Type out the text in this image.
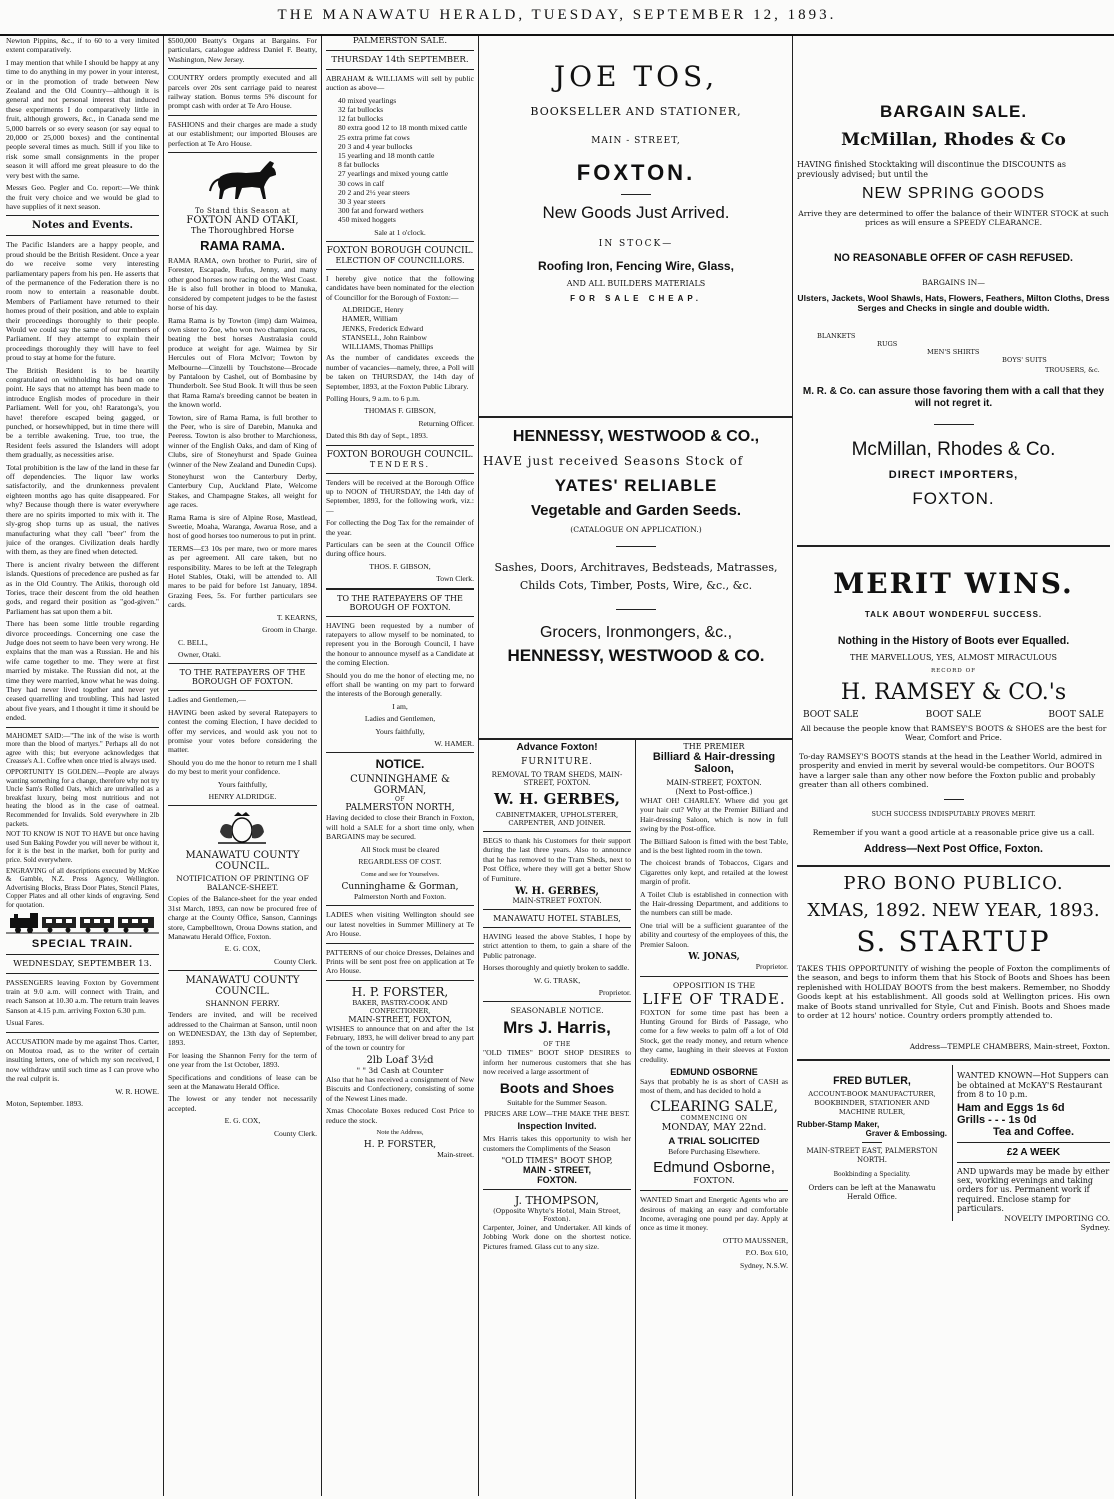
THE MANAWATU HERALD, TUESDAY, SEPTEMBER 12, 1893.

Newton Pippins, &c., if to 60 to a very limited extent comparatively.

I may mention that while I should be happy at any time to do anything in my power in your interest, or in the promotion of trade between New Zealand and the Old Country—although it is general and not personal interest that induced these experiments I do comparatively little in fruit, although growers, &c., in Canada send me 5,000 barrels or so every season (or say equal to 20,000 or 25,000 boxes) and the continental people several times as much. Still if you like to risk some small consignments in the proper season it will afford me great pleasure to do the very best with the same.

Messrs Geo. Pegler and Co. report:—We think the fruit very choice and we would be glad to have supplies of it next season.

Notes and Events.

The Pacific Islanders are a happy people, and proud should be the British Resident. Once a year do we receive some very interesting parliamentary papers from his pen. He asserts that of the permanence of the Federation there is no room now to entertain a reasonable doubt. Members of Parliament have returned to their homes proud of their position, and able to explain their proceedings thoroughly to their people. Would we could say the same of our members of Parliament. If they attempt to explain their proceedings thoroughly they will have to feel proud to stay at home for the future.

The British Resident is to be heartily congratulated on withholding his hand on one point. He says that no attempt has been made to introduce English modes of procedure in their Parliament. Well for you, oh! Raratonga's, you have! therefore escaped being gagged, or punched, or horsewhipped, but in time there will be a terrible awakening. True, too true, the Resident feels assured the Islanders will adopt them gradually, as necessities arise.

Total prohibition is the law of the land in these far off dependencies. The liquor law works satisfactorily, and the drunkenness prevalent eighteen months ago has quite disappeared. For why? Because though there is water everywhere there are no spirits imported to mix with it. The sly-grog shop turns up as usual, the natives manufacturing what they call "beer" from the juice of the oranges. Civilization deals hardly with them, as they are fined when detected.

There is ancient rivalry between the different islands. Questions of precedence are pushed as far as in the Old Country. The Atikis, thorough old Tories, trace their descent from the old heathen gods, and regard their position as "god-given." Parliament has sat upon them a bit.

There has been some little trouble regarding divorce proceedings. Concerning one case the Judge does not seem to have been very wrong. He explains that the man was a Russian. He and his wife came together to me. They were at first married by mistake. The Russian did not, at the time they were married, know what he was doing. They had never lived together and never yet ceased quarrelling and troubling. This had lasted about five years, and I thought it time it should be ended.

MAHOMET SAID:—"The ink of the wise is worth more than the blood of martyrs." Perhaps all do not agree with this; but everyone acknowledges that Creasse's A.1. Coffee when once tried is always used.

OPPORTUNITY IS GOLDEN.—People are always wanting something for a change, therefore why not try Uncle Sam's Rolled Oats, which are unrivalled as a breakfast luxury, being most nutritious and not heating the blood as in the case of oatmeal. Recommended for Invalids. Sold everywhere in 2lb packets.

NOT TO KNOW IS NOT TO HAVE but once having used Sun Baking Powder you will never be without it, for it is the best in the market, both for purity and price. Sold everywhere.

ENGRAVING of all descriptions executed by McKee & Gamble, N.Z. Press Agency, Wellington. Advertising Blocks, Brass Door Plates, Stencil Plates, Copper Plates and all other kinds of engraving. Send for quotation.

SPECIAL TRAIN.
WEDNESDAY, SEPTEMBER 13.

PASSENGERS leaving Foxton by Government train at 9.0 a.m. will connect with Train, and reach Sanson at 10.30 a.m. The return train leaves Sanson at 4.15 p.m. arriving Foxton 6.30 p.m.

Usual Fares.

ACCUSATION made by me against Thos. Carter, on Moutoa road, as to the writer of certain insulting letters, one of which my son received, I now withdraw until such time as I can prove who the real culprit is.

W. R. HOWE.
Moton, September. 1893.

$500,000 Beatty's Organs at Bargains. For particulars, catalogue address Daniel F. Beatty, Washington, New Jersey.

COUNTRY orders promptly executed and all parcels over 20s sent carriage paid to nearest railway station. Bonus terms 5% discount for prompt cash with order at Te Aro House.

FASHIONS and their charges are made a study at our establishment; our imported Blouses are perfection at Te Aro House.

To Stand this Season at
FOXTON AND OTAKI,
The Thoroughbred Horse
RAMA RAMA.

RAMA RAMA, own brother to Puriri, sire of Forester, Escapade, Rufus, Jenny, and many other good horses now racing on the West Coast. He is also full brother in blood to Manuka, considered by competent judges to be the fastest horse of his day.

Rama Rama is by Towton (imp) dam Waimea, own sister to Zoe, who won two champion races, beating the best horses Australasia could produce at weight for age. Waimea by Sir Hercules out of Flora McIvor; Towton by Melbourne—Cinzelli by Touchstone—Brocade by Pantaloon by Cashel, out of Bombasine by Thunderbolt. See Stud Book. It will thus be seen that Rama Rama's breeding cannot be beaten in the known world.

Towton, sire of Rama Rama, is full brother to the Peer, who is sire of Darebin, Manuka and Peeress. Towton is also brother to Marchioness, winner of the English Oaks, and dam of King of Clubs, sire of Stoneyhurst and Spade Guinea (winner of the New Zealand and Dunedin Cups).

Stoneyhurst won the Canterbury Derby, Canterbury Cup, Auckland Plate, Welcome Stakes, and Champagne Stakes, all weight for age races.

Rama Rama is sire of Alpine Rose, Mastlead, Sweetie, Moaha, Waranga, Awarua Rose, and a host of good horses too numerous to put in print.

TERMS—£3 10s per mare, two or more mares as per agreement. All care taken, but no responsibility. Mares to be left at the Telegraph Hotel Stables, Otaki, will be attended to. All mares to be paid for before 1st January, 1894. Grazing Fees, 5s. For further particulars see cards.

T. KEARNS,
Groom in Charge.
C. BELL,
Owner, Otaki.
TO THE RATEPAYERS OF THE BOROUGH OF FOXTON.
Ladies and Gentlemen,—

HAVING been asked by several Ratepayers to contest the coming Election, I have decided to offer my services, and would ask you not to promise your votes before considering the matter.

Should you do me the honor to return me I shall do my best to merit your confidence.

Yours faithfully,
HENRY ALDRIDGE.
MANAWATU COUNTY COUNCIL.
NOTIFICATION OF PRINTING OF BALANCE-SHEET.

Copies of the Balance-sheet for the year ended 31st March, 1893, can now be procured free of charge at the County Office, Sanson, Cannings store, Campbelltown, Oroua Downs station, and Manawatu Herald Office, Foxton.

E. G. COX,
County Clerk.
MANAWATU COUNTY COUNCIL.
SHANNON FERRY.

Tenders are invited, and will be received addressed to the Chairman at Sanson, until noon on WEDNESDAY, the 13th day of September, 1893.

For leasing the Shannon Ferry for the term of one year from the 1st October, 1893.

Specifications and conditions of lease can be seen at the Manawatu Herald Office.

The lowest or any tender not necessarily accepted.

E. G. COX,
County Clerk.
PALMERSTON SALE.
THURSDAY 14th SEPTEMBER.

ABRAHAM & WILLIAMS will sell by public auction as above—

40 mixed yearlings
32 fat bullocks
12 fat bullocks
80 extra good 12 to 18 month mixed cattle
25 extra prime fat cows
20 3 and 4 year bullocks
15 yearling and 18 month cattle
8 fat bullocks
27 yearlings and mixed young cattle
30 cows in calf
20 2 and 2½ year steers
30 3 year steers
300 fat and forward wethers
450 mixed hoggets
Sale at 1 o'clock.
FOXTON BOROUGH COUNCIL.
ELECTION OF COUNCILLORS.

I hereby give notice that the following candidates have been nominated for the election of Councillor for the Borough of Foxton:—

ALDRIDGE, Henry
HAMER, William
JENKS, Frederick Edward
STANSELL, John Rainbow
WILLIAMS, Thomas Phillips

As the number of candidates exceeds the number of vacancies—namely, three, a Poll will be taken on THURSDAY, the 14th day of September, 1893, at the Foxton Public Library.

Polling Hours, 9 a.m. to 6 p.m.

THOMAS F. GIBSON,
Returning Officer.
Dated this 8th day of Sept., 1893.
FOXTON BOROUGH COUNCIL.
TENDERS.

Tenders will be received at the Borough Office up to NOON of THURSDAY, the 14th day of September, 1893, for the following work, viz.:—

For collecting the Dog Tax for the remainder of the year.

Particulars can be seen at the Council Office during office hours.

THOS. F. GIBSON,
Town Clerk.
TO THE RATEPAYERS OF THE BOROUGH OF FOXTON.

HAVING been requested by a number of ratepayers to allow myself to be nominated, to represent you in the Borough Council, I have the honour to announce myself as a Candidate at the coming Election.

Should you do me the honor of electing me, no effort shall be wanting on my part to forward the interests of the Borough generally.

I am,
Ladies and Gentlemen,
Yours faithfully,
W. HAMER.
NOTICE.
CUNNINGHAME & GORMAN,
OF
PALMERSTON NORTH,

Having decided to close their Branch in Foxton, will hold a SALE for a short time only, when BARGAINS may be secured.

All Stock must be cleared
REGARDLESS OF COST.
Come and see for Yourselves.
Cunninghame & Gorman,
Palmerston North and Foxton.

LADIES when visiting Wellington should see our latest novelties in Summer Millinery at Te Aro House.

PATTERNS of our choice Dresses, Delaines and Prints will be sent post free on application at Te Aro House.

H. P. FORSTER,
BAKER, PASTRY-COOK AND CONFECTIONER,
MAIN-STREET, FOXTON,

WISHES to announce that on and after the 1st February, 1893, he will deliver bread to any part of the town or country for

2lb Loaf 3½d
" " 3d Cash at Counter

Also that he has received a consignment of New Biscuits and Confectionery, consisting of some of the Newest Lines made.

Xmas Chocolate Boxes reduced Cost Price to reduce the stock.

Note the Address,
H. P. FORSTER,
Main-street.
JOE TOS,
BOOKSELLER AND STATIONER,
MAIN - STREET,
FOXTON.
New Goods Just Arrived.
IN STOCK—
Roofing Iron, Fencing Wire, Glass,
AND ALL BUILDERS MATERIALS
FOR SALE CHEAP.
HENNESSY, WESTWOOD & CO.,
HAVE just received Seasons Stock of
YATES' RELIABLE
Vegetable and Garden Seeds.
(CATALOGUE ON APPLICATION.)
Sashes, Doors, Architraves, Bedsteads, Matrasses, Childs Cots, Timber, Posts, Wire, &c., &c.
Grocers, Ironmongers, &c.,
HENNESSY, WESTWOOD & CO.
Advance Foxton!
FURNITURE.
REMOVAL TO TRAM SHEDS, MAIN-STREET, FOXTON.
W. H. GERBES,
CABINETMAKER, UPHOLSTERER, CARPENTER, AND JOINER.

BEGS to thank his Customers for their support during the last three years. Also to announce that he has removed to the Tram Sheds, next to Post Office, where they will get a better Show of Furniture.

W. H. GERBES,
MAIN-STREET FOXTON.
MANAWATU HOTEL STABLES,

HAVING leased the above Stables, I hope by strict attention to them, to gain a share of the Public patronage.

Horses thoroughly and quietly broken to saddle.

W. G. TRASK,
Proprietor.
SEASONABLE NOTICE.
Mrs J. Harris,
OF THE

"OLD TIMES" BOOT SHOP DESIRES to inform her numerous customers that she has now received a large assortment of

Boots and Shoes
Suitable for the Summer Season.
PRICES ARE LOW—THE MAKE THE BEST.
Inspection Invited.

Mrs Harris takes this opportunity to wish her customers the Compliments of the Season

"OLD TIMES" BOOT SHOP,
MAIN - STREET,
FOXTON.
J. THOMPSON,
(Opposite Whyte's Hotel, Main Street, Foxton).

Carpenter, Joiner, and Undertaker. All kinds of Jobbing Work done on the shortest notice. Pictures framed. Glass cut to any size.

THE PREMIER
Billiard & Hair-dressing Saloon,
MAIN-STREET, FOXTON.
(Next to Post-office.)

WHAT OH! CHARLEY. Where did you get your hair cut? Why at the Premier Billiard and Hair-dressing Saloon, which is now in full swing by the Post-office.

The Billiard Saloon is fitted with the best Table, and is the best lighted room in the town.

The choicest brands of Tobaccos, Cigars and Cigarettes only kept, and retailed at the lowest margin of profit.

A Toilet Club is established in connection with the Hair-dressing Department, and additions to the numbers can still be made.

One trial will be a sufficient guarantee of the ability and courtesy of the employees of this, the Premier Saloon.

W. JONAS,
Proprietor.
OPPOSITION IS THE
LIFE OF TRADE.

FOXTON for some time past has been a Hunting Ground for Birds of Passage, who come for a few weeks to palm off a lot of Old Stock, get the ready money, and return whence they came, laughing in their sleeves at Foxton credulity.

EDMUND OSBORNE

Says that probably he is as short of CASH as most of them, and has decided to hold a

CLEARING SALE,
COMMENCING ON
MONDAY, MAY 22nd.
A TRIAL SOLICITED
Before Purchasing Elsewhere.
Edmund Osborne,
FOXTON.

WANTED Smart and Energetic Agents who are desirous of making an easy and comfortable Income, averaging one pound per day. Apply at once as time it money.

OTTO MAUSSNER,
P.O. Box 610,
Sydney, N.S.W.
BARGAIN SALE.
McMillan, Rhodes & Co
HAVING finished Stocktaking will discontinue the DISCOUNTS as previously advised; but until the
NEW SPRING GOODS
Arrive they are determined to offer the balance of their WINTER STOCK at such prices as will ensure a SPEEDY CLEARANCE.
NO REASONABLE OFFER OF CASH REFUSED.
BARGAINS IN—
Ulsters, Jackets, Wool Shawls, Hats, Flowers, Feathers, Milton Cloths, Dress Serges and Checks in single and double width.
BLANKETS
RUGS
MEN'S SHIRTS
BOYS' SUITS
TROUSERS, &c.
M. R. & Co. can assure those favoring them with a call that they will not regret it.
McMillan, Rhodes & Co.
DIRECT IMPORTERS,
FOXTON.
MERIT WINS.
TALK ABOUT WONDERFUL SUCCESS.
Nothing in the History of Boots ever Equalled.
THE MARVELLOUS, YES, ALMOST MIRACULOUS
RECORD OF
H. RAMSEY & CO.'s
BOOT SALE	BOOT SALE	BOOT SALE
All because the people know that RAMSEY'S BOOTS & SHOES are the best for Wear, Comfort and Price.
To-day RAMSEY'S BOOTS stands at the head in the Leather World, admired in prosperity and envied in merit by several would-be competitors. Our BOOTS have a larger sale than any other now before the Foxton public and probably greater than all others combined.
SUCH SUCCESS INDISPUTABLY PROVES MERIT.
Remember if you want a good article at a reasonable price give us a call.
Address—Next Post Office, Foxton.
PRO BONO PUBLICO.
XMAS, 1892. NEW YEAR, 1893.
S. STARTUP
TAKES THIS OPPORTUNITY of wishing the people of Foxton the compliments of the season, and begs to inform them that his Stock of Boots and Shoes has been replenished with HOLIDAY BOOTS from the best makers. Remember, no Shoddy Goods kept at his establishment. All goods sold at Wellington prices. His own make of Boots stand unrivalled for Style, Cut and Finish. Boots and Shoes made to order at 12 hours' notice. Country orders promptly attended to.
Address—TEMPLE CHAMBERS, Main-street, Foxton.
FRED BUTLER,
ACCOUNT-BOOK MANUFACTURER, BOOKBINDER, STATIONER AND MACHINE RULER,
Rubber-Stamp Maker,
Graver & Embossing.
MAIN-STREET EAST, PALMERSTON NORTH.
Bookbinding a Speciality.
Orders can be left at the Manawatu Herald Office.
WANTED KNOWN—Hot Suppers can be obtained at McKAY'S Restaurant from 8 to 10 p.m.
Ham and Eggs 1s 6d
Grills - - - 1s 0d
Tea and Coffee.
£2 A WEEK
AND upwards may be made by either sex, working evenings and taking orders for us. Permanent work if required. Enclose stamp for particulars.
NOVELTY IMPORTING CO.
Sydney.
